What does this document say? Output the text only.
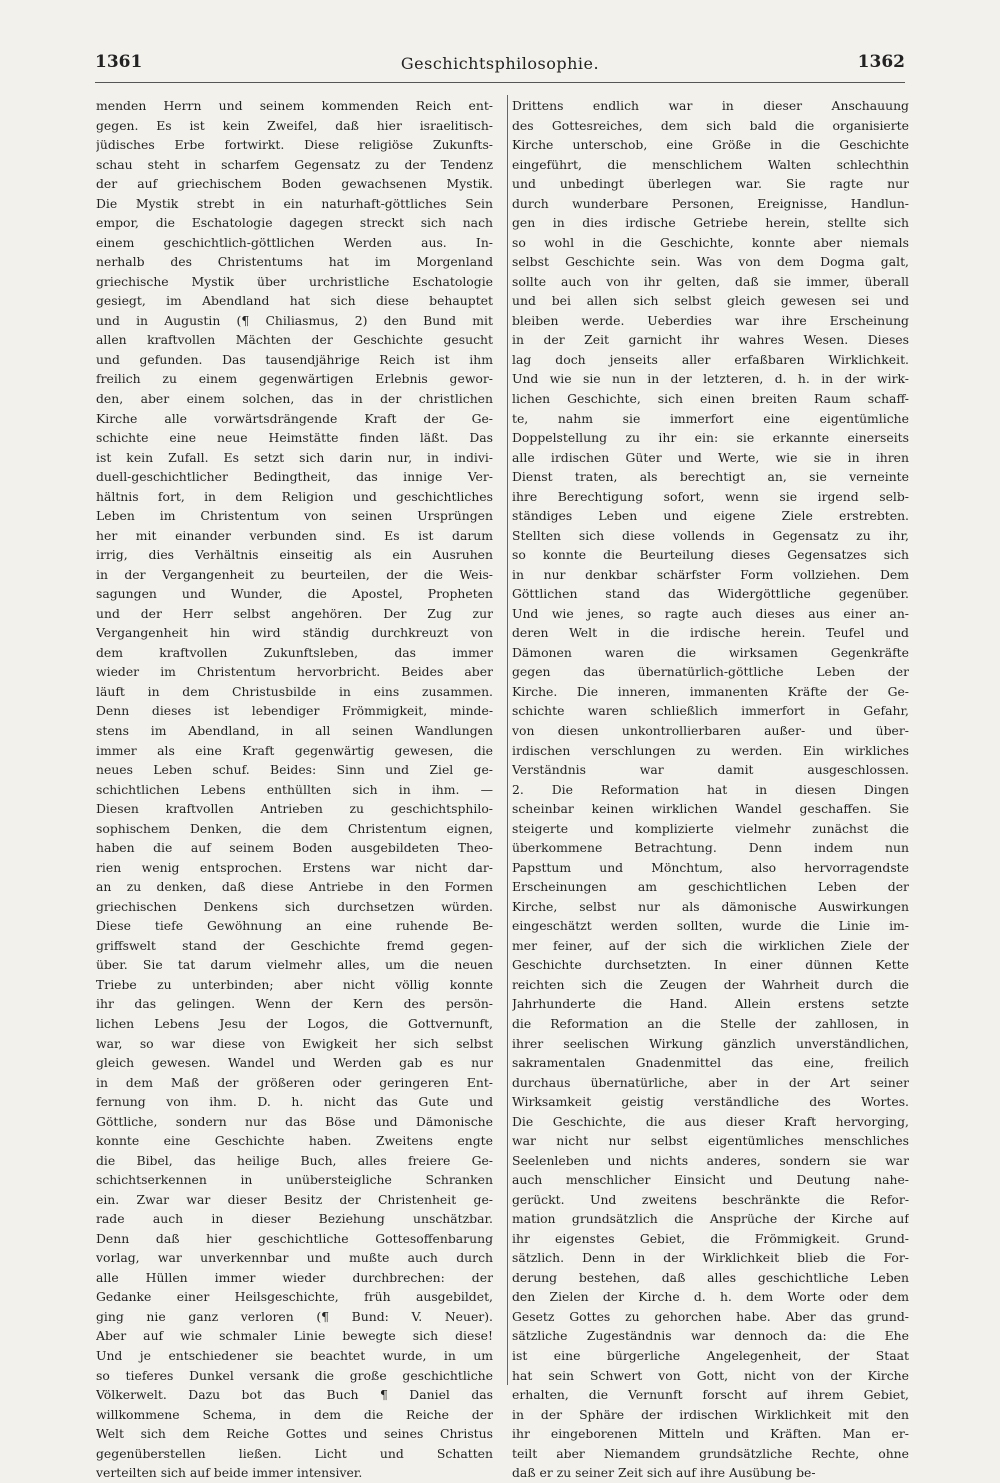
1361	Geschichtsphilosophie.	1362
menden Herrn und seinem kommenden Reich ent-
gegen. Es ist kein Zweifel, daß hier israelitisch-
jüdisches Erbe fortwirkt. Diese religiöse Zukunfts-
schau steht in scharfem Gegensatz zu der Tendenz
der auf griechischem Boden gewachsenen Mystik.
Die Mystik strebt in ein naturhaft-göttliches Sein
empor, die Eschatologie dagegen streckt sich nach
einem geschichtlich-göttlichen Werden aus. In-
nerhalb des Christentums hat im Morgenland
griechische Mystik über urchristliche Eschatologie
gesiegt, im Abendland hat sich diese behauptet
und in Augustin (¶ Chiliasmus, 2) den Bund mit
allen kraftvollen Mächten der Geschichte gesucht
und gefunden. Das tausendjährige Reich ist ihm
freilich zu einem gegenwärtigen Erlebnis gewor-
den, aber einem solchen, das in der christlichen
Kirche alle vorwärtsdrängende Kraft der Ge-
schichte eine neue Heimstätte finden läßt. Das
ist kein Zufall. Es setzt sich darin nur, in indivi-
duell-geschichtlicher Bedingtheit, das innige Ver-
hältnis fort, in dem Religion und geschichtliches
Leben im Christentum von seinen Ursprüngen
her mit einander verbunden sind. Es ist darum
irrig, dies Verhältnis einseitig als ein Ausruhen
in der Vergangenheit zu beurteilen, der die Weis-
sagungen und Wunder, die Apostel, Propheten
und der Herr selbst angehören. Der Zug zur
Vergangenheit hin wird ständig durchkreuzt von
dem kraftvollen Zukunftsleben, das immer
wieder im Christentum hervorbricht. Beides aber
läuft in dem Christusbilde in eins zusammen.
Denn dieses ist lebendiger Frömmigkeit, minde-
stens im Abendland, in all seinen Wandlungen
immer als eine Kraft gegenwärtig gewesen, die
neues Leben schuf. Beides: Sinn und Ziel ge-
schichtlichen Lebens enthüllten sich in ihm. —
Diesen kraftvollen Antrieben zu geschichtsphilo-
sophischem Denken, die dem Christentum eignen,
haben die auf seinem Boden ausgebildeten Theo-
rien wenig entsprochen. Erstens war nicht dar-
an zu denken, daß diese Antriebe in den Formen
griechischen Denkens sich durchsetzen würden.
Diese tiefe Gewöhnung an eine ruhende Be-
griffswelt stand der Geschichte fremd gegen-
über. Sie tat darum vielmehr alles, um die neuen
Triebe zu unterbinden; aber nicht völlig konnte
ihr das gelingen. Wenn der Kern des persön-
lichen Lebens Jesu der Logos, die Gottvernunft,
war, so war diese von Ewigkeit her sich selbst
gleich gewesen. Wandel und Werden gab es nur
in dem Maß der größeren oder geringeren Ent-
fernung von ihm. D. h. nicht das Gute und
Göttliche, sondern nur das Böse und Dämonische
konnte eine Geschichte haben. Zweitens engte
die Bibel, das heilige Buch, alles freiere Ge-
schichtserkennen in unübersteigliche Schranken
ein. Zwar war dieser Besitz der Christenheit ge-
rade auch in dieser Beziehung unschätzbar.
Denn daß hier geschichtliche Gottesoffenbarung
vorlag, war unverkennbar und mußte auch durch
alle Hüllen immer wieder durchbrechen: der
Gedanke einer Heilsgeschichte, früh ausgebildet,
ging nie ganz verloren (¶ Bund: V. Neuer).
Aber auf wie schmaler Linie bewegte sich diese!
Und je entschiedener sie beachtet wurde, in um
so tieferes Dunkel versank die große geschichtliche
Völkerwelt. Dazu bot das Buch ¶ Daniel das
willkommene Schema, in dem die Reiche der
Welt sich dem Reiche Gottes und seines Christus
gegenüberstellen ließen. Licht und Schatten
verteilten sich auf beide immer intensiver.
Drittens endlich war in dieser Anschauung
des Gottesreiches, dem sich bald die organisierte
Kirche unterschob, eine Größe in die Geschichte
eingeführt, die menschlichem Walten schlechthin
und unbedingt überlegen war. Sie ragte nur
durch wunderbare Personen, Ereignisse, Handlun-
gen in dies irdische Getriebe herein, stellte sich
so wohl in die Geschichte, konnte aber niemals
selbst Geschichte sein. Was von dem Dogma galt,
sollte auch von ihr gelten, daß sie immer, überall
und bei allen sich selbst gleich gewesen sei und
bleiben werde. Ueberdies war ihre Erscheinung
in der Zeit garnicht ihr wahres Wesen. Dieses
lag doch jenseits aller erfaßbaren Wirklichkeit.
Und wie sie nun in der letzteren, d. h. in der wirk-
lichen Geschichte, sich einen breiten Raum schaff-
te, nahm sie immerfort eine eigentümliche
Doppelstellung zu ihr ein: sie erkannte einerseits
alle irdischen Güter und Werte, wie sie in ihren
Dienst traten, als berechtigt an, sie verneinte
ihre Berechtigung sofort, wenn sie irgend selb-
ständiges Leben und eigene Ziele erstrebten.
Stellten sich diese vollends in Gegensatz zu ihr,
so konnte die Beurteilung dieses Gegensatzes sich
in nur denkbar schärfster Form vollziehen. Dem
Göttlichen stand das Widergöttliche gegenüber.
Und wie jenes, so ragte auch dieses aus einer an-
deren Welt in die irdische herein. Teufel und
Dämonen waren die wirksamen Gegenkräfte
gegen das übernatürlich-göttliche Leben der
Kirche. Die inneren, immanenten Kräfte der Ge-
schichte waren schließlich immerfort in Gefahr,
von diesen unkontrollierbaren außer- und über-
irdischen verschlungen zu werden. Ein wirkliches
Verständnis war damit ausgeschlossen.
2. Die Reformation hat in diesen Dingen
scheinbar keinen wirklichen Wandel geschaffen. Sie
steigerte und komplizierte vielmehr zunächst die
überkommene Betrachtung. Denn indem nun
Papsttum und Mönchtum, also hervorragendste
Erscheinungen am geschichtlichen Leben der
Kirche, selbst nur als dämonische Auswirkungen
eingeschätzt werden sollten, wurde die Linie im-
mer feiner, auf der sich die wirklichen Ziele der
Geschichte durchsetzten. In einer dünnen Kette
reichten sich die Zeugen der Wahrheit durch die
Jahrhunderte die Hand. Allein erstens setzte
die Reformation an die Stelle der zahllosen, in
ihrer seelischen Wirkung gänzlich unverständlichen,
sakramentalen Gnadenmittel das eine, freilich
durchaus übernatürliche, aber in der Art seiner
Wirksamkeit geistig verständliche des Wortes.
Die Geschichte, die aus dieser Kraft hervorging,
war nicht nur selbst eigentümliches menschliches
Seelenleben und nichts anderes, sondern sie war
auch menschlicher Einsicht und Deutung nahe-
gerückt. Und zweitens beschränkte die Refor-
mation grundsätzlich die Ansprüche der Kirche auf
ihr eigenstes Gebiet, die Frömmigkeit. Grund-
sätzlich. Denn in der Wirklichkeit blieb die For-
derung bestehen, daß alles geschichtliche Leben
den Zielen der Kirche d. h. dem Worte oder dem
Gesetz Gottes zu gehorchen habe. Aber das grund-
sätzliche Zugeständnis war dennoch da: die Ehe
ist eine bürgerliche Angelegenheit, der Staat
hat sein Schwert von Gott, nicht von der Kirche
erhalten, die Vernunft forscht auf ihrem Gebiet,
in der Sphäre der irdischen Wirklichkeit mit den
ihr eingeborenen Mitteln und Kräften. Man er-
teilt aber Niemandem grundsätzliche Rechte, ohne
daß er zu seiner Zeit sich auf ihre Ausübung be-
